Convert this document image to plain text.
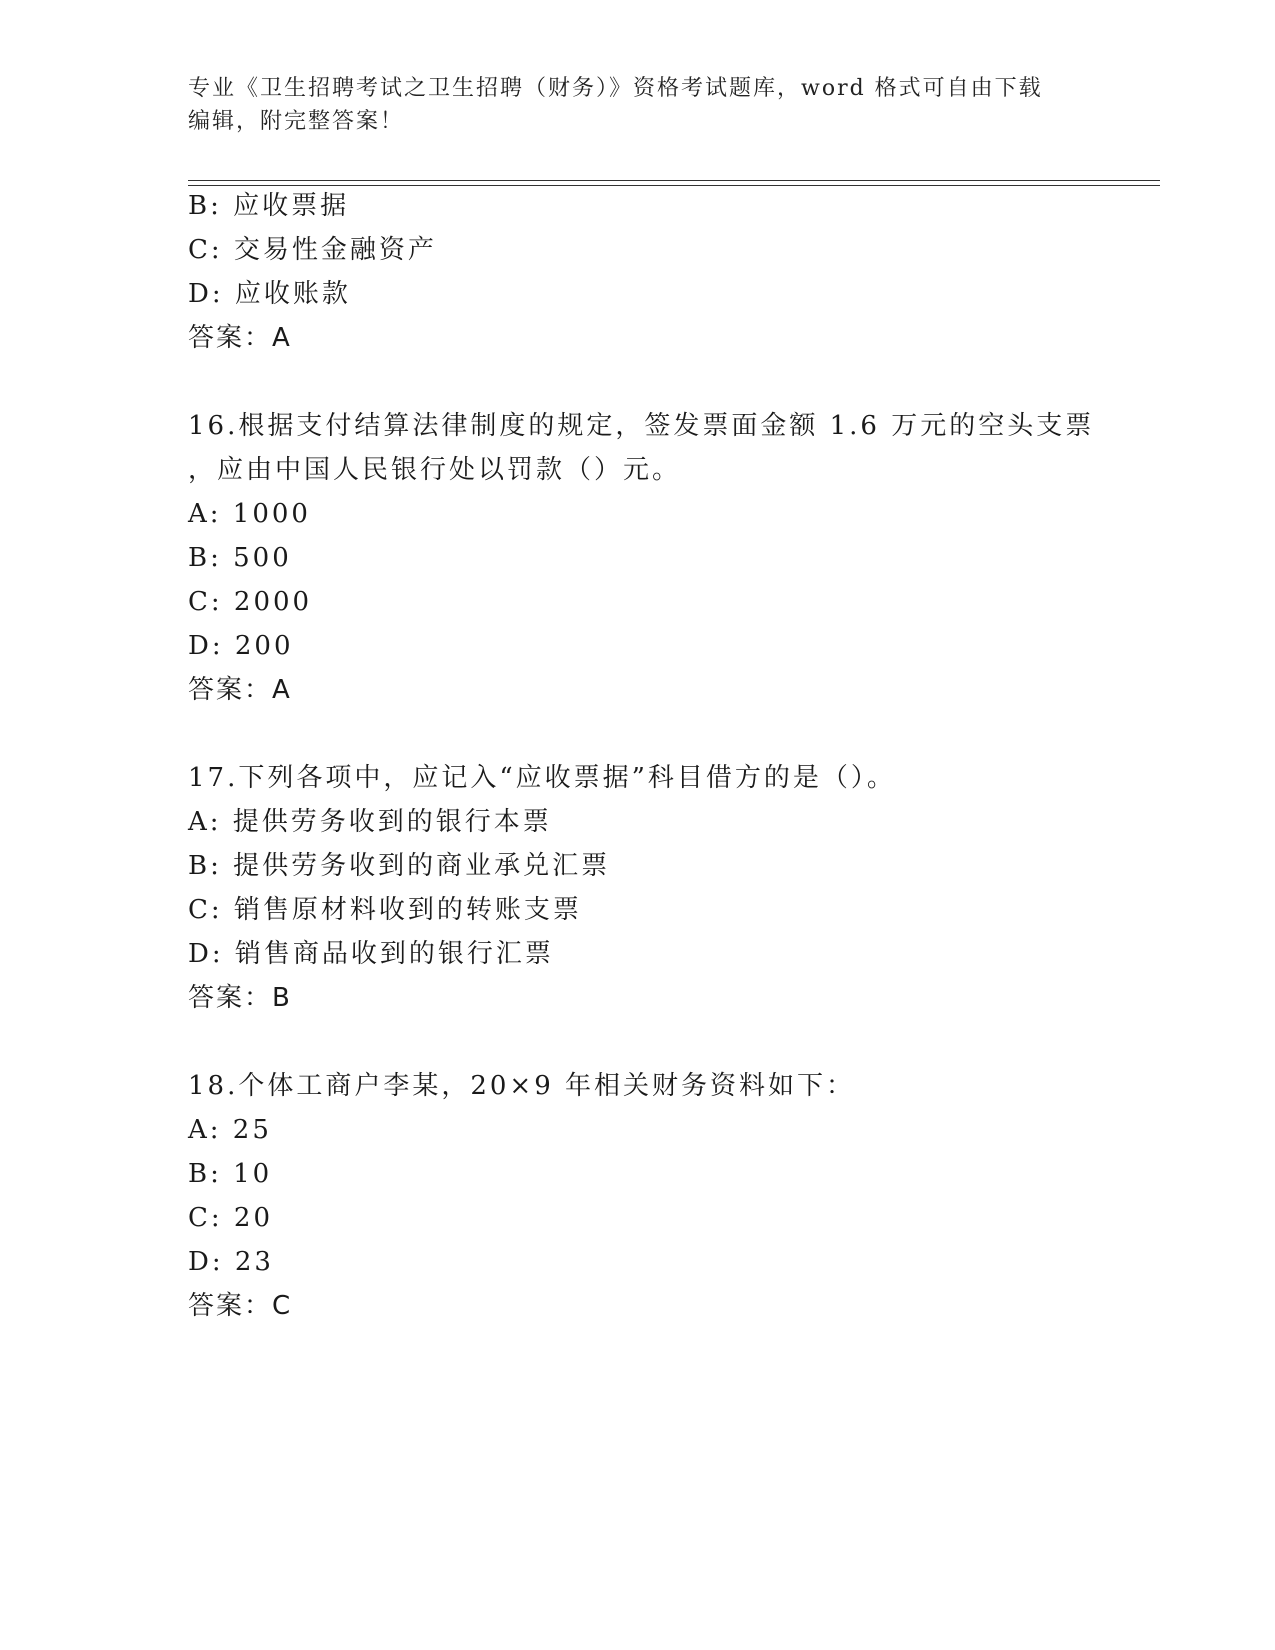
专业《卫生招聘考试之卫生招聘（财务）》资格考试题库，word 格式可自由下载
编辑，附完整答案！
B: 应收票据
C: 交易性金融资产
D: 应收账款
答案：A
16.根据支付结算法律制度的规定，签发票面金额 1.6 万元的空头支票
，应由中国人民银行处以罚款（）元。
A: 1000
B: 500
C: 2000
D: 200
答案：A
17.下列各项中，应记入“应收票据”科目借方的是（）。
A: 提供劳务收到的银行本票
B: 提供劳务收到的商业承兑汇票
C: 销售原材料收到的转账支票
D: 销售商品收到的银行汇票
答案：B
18.个体工商户李某，20×9 年相关财务资料如下：
A: 25
B: 10
C: 20
D: 23
答案：C
